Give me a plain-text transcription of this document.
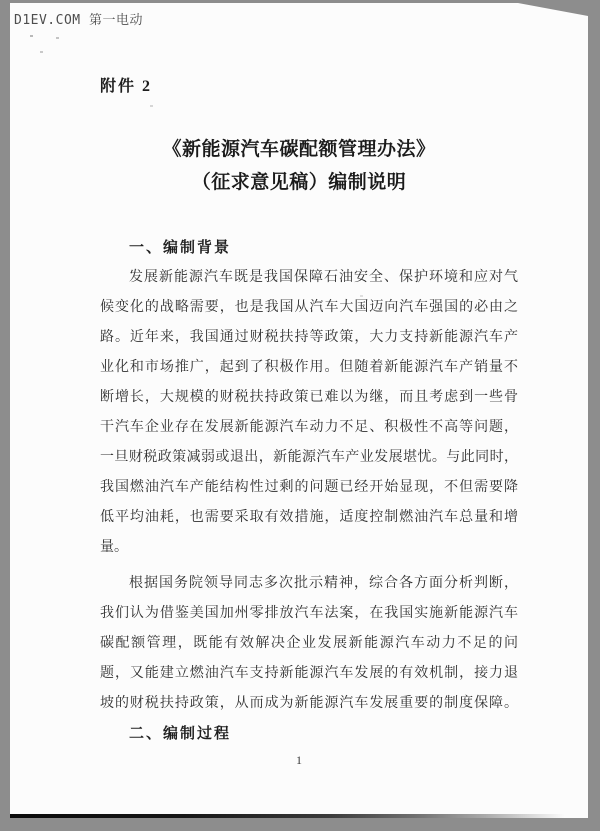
D1EV.COM 第一电动
附件 2
《新能源汽车碳配额管理办法》
（征求意见稿）编制说明
一、编制背景
发展新能源汽车既是我国保障石油安全、保护环境和应对气
候变化的战略需要，也是我国从汽车大国迈向汽车强国的必由之
路。近年来，我国通过财税扶持等政策，大力支持新能源汽车产
业化和市场推广，起到了积极作用。但随着新能源汽车产销量不
断增长，大规模的财税扶持政策已难以为继，而且考虑到一些骨
干汽车企业存在发展新能源汽车动力不足、积极性不高等问题，
一旦财税政策减弱或退出，新能源汽车产业发展堪忧。与此同时，
我国燃油汽车产能结构性过剩的问题已经开始显现，不但需要降
低平均油耗，也需要采取有效措施，适度控制燃油汽车总量和增
量。
根据国务院领导同志多次批示精神，综合各方面分析判断，
我们认为借鉴美国加州零排放汽车法案，在我国实施新能源汽车
碳配额管理，既能有效解决企业发展新能源汽车动力不足的问
题，又能建立燃油汽车支持新能源汽车发展的有效机制，接力退
坡的财税扶持政策，从而成为新能源汽车发展重要的制度保障。
二、编制过程
1
